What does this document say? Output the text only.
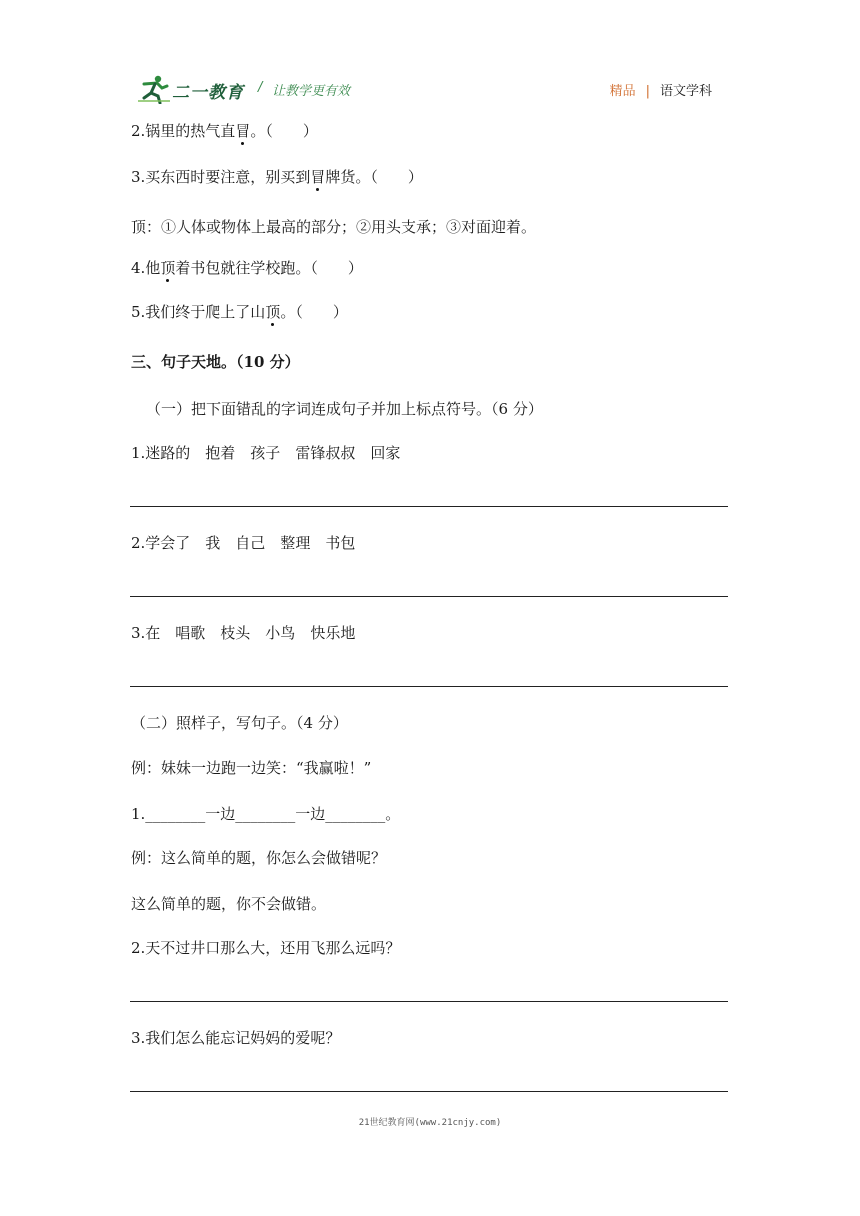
二一教育 / 让教学更有效	精品 | 语文学科
2.锅里的热气直冒。（　　）
3.买东西时要注意，别买到冒牌货。（　　）
顶：①人体或物体上最高的部分；②用头支承；③对面迎着。
4.他顶着书包就往学校跑。（　　）
5.我们终于爬上了山顶。（　　）
三、句子天地。（10 分）
（一）把下面错乱的字词连成句子并加上标点符号。（6 分）
1.迷路的　抱着　孩子　雷锋叔叔　回家
2.学会了　我　自己　整理　书包
3.在　唱歌　枝头　小鸟　快乐地
（二）照样子，写句子。（4 分）
例：妹妹一边跑一边笑：“我赢啦！”
1.________一边________一边________。
例：这么简单的题，你怎么会做错呢？
这么简单的题，你不会做错。
2.天不过井口那么大，还用飞那么远吗？
3.我们怎么能忘记妈妈的爱呢？
21世纪教育网(www.21cnjy.com)
